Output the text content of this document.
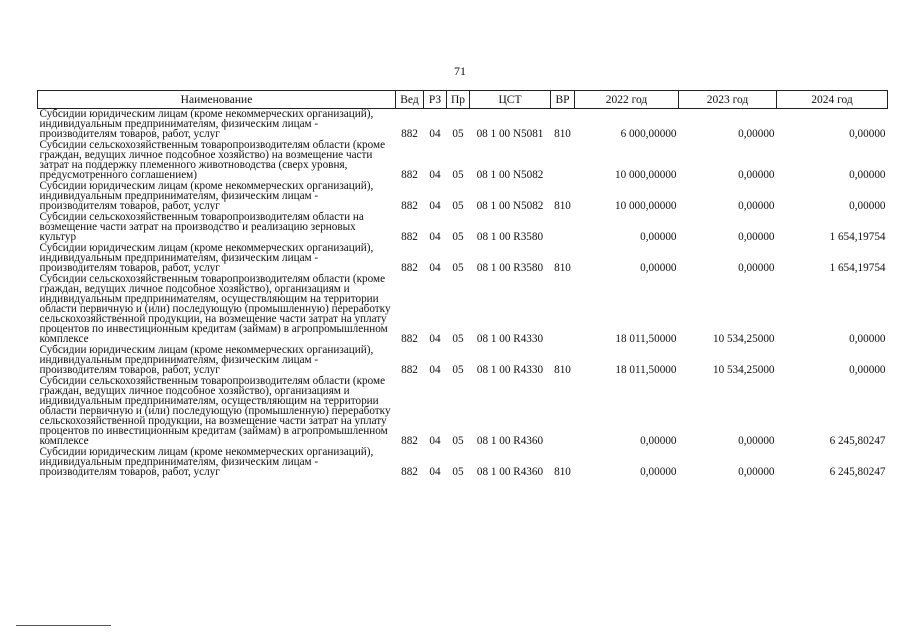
71
Наименование	Вед	РЗ	Пр	ЦСТ	ВР	2022 год	2023 год	2024 год
Субсидии юридическим лицам (кроме некоммерческих организаций), индивидуальным предпринимателям, физическим лицам - производителям товаров, работ, услуг	882	04	05	08 1 00 N5081	810	6 000,00000	0,00000	0,00000
Субсидии сельскохозяйственным товаропроизводителям области (кроме граждан, ведущих личное подсобное хозяйство) на возмещение части затрат на поддержку племенного животноводства (сверх уровня, предусмотренного соглашением)	882	04	05	08 1 00 N5082		10 000,00000	0,00000	0,00000
Субсидии юридическим лицам (кроме некоммерческих организаций), индивидуальным предпринимателям, физическим лицам - производителям товаров, работ, услуг	882	04	05	08 1 00 N5082	810	10 000,00000	0,00000	0,00000
Субсидии сельскохозяйственным товаропроизводителям области на возмещение части затрат на производство и реализацию зерновых культур	882	04	05	08 1 00 R3580		0,00000	0,00000	1 654,19754
Субсидии юридическим лицам (кроме некоммерческих организаций), индивидуальным предпринимателям, физическим лицам - производителям товаров, работ, услуг	882	04	05	08 1 00 R3580	810	0,00000	0,00000	1 654,19754
Субсидии сельскохозяйственным товаропроизводителям области (кроме граждан, ведущих личное подсобное хозяйство), организациям и индивидуальным предпринимателям, осуществляющим на территории области первичную и (или) последующую (промышленную) переработку сельскохозяйственной продукции, на возмещение части затрат на уплату процентов по инвестиционным кредитам (займам) в агропромышленном комплексе	882	04	05	08 1 00 R4330		18 011,50000	10 534,25000	0,00000
Субсидии юридическим лицам (кроме некоммерческих организаций), индивидуальным предпринимателям, физическим лицам - производителям товаров, работ, услуг	882	04	05	08 1 00 R4330	810	18 011,50000	10 534,25000	0,00000
Субсидии сельскохозяйственным товаропроизводителям области (кроме граждан, ведущих личное подсобное хозяйство), организациям и индивидуальным предпринимателям, осуществляющим на территории области первичную и (или) последующую (промышленную) переработку сельскохозяйственной продукции, на возмещение части затрат на уплату процентов по инвестиционным кредитам (займам) в агропромышленном комплексе	882	04	05	08 1 00 R4360		0,00000	0,00000	6 245,80247
Субсидии юридическим лицам (кроме некоммерческих организаций), индивидуальным предпринимателям, физическим лицам - производителям товаров, работ, услуг	882	04	05	08 1 00 R4360	810	0,00000	0,00000	6 245,80247
